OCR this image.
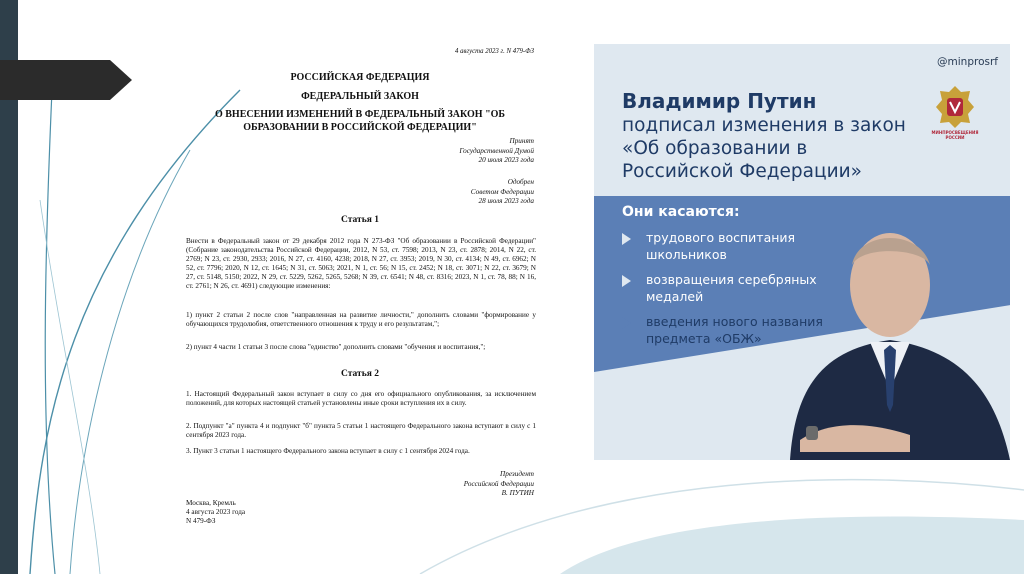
4 августа 2023 г. N 479-ФЗ
РОССИЙСКАЯ ФЕДЕРАЦИЯ
ФЕДЕРАЛЬНЫЙ ЗАКОН
О ВНЕСЕНИИ ИЗМЕНЕНИЙ В ФЕДЕРАЛЬНЫЙ ЗАКОН "ОБ ОБРАЗОВАНИИ В РОССИЙСКОЙ ФЕДЕРАЦИИ"
Принят
Государственной Думой
20 июля 2023 года
Одобрен
Советом Федерации
28 июля 2023 года
Статья 1
Внести в Федеральный закон от 29 декабря 2012 года N 273-ФЗ "Об образовании в Российской Федерации" (Собрание законодательства Российской Федерации, 2012, N 53, ст. 7598; 2013, N 23, ст. 2878; 2014, N 22, ст. 2769; N 23, ст. 2930, 2933; 2016, N 27, ст. 4160, 4238; 2018, N 27, ст. 3953; 2019, N 30, ст. 4134; N 49, ст. 6962; N 52, ст. 7796; 2020, N 12, ст. 1645; N 31, ст. 5063; 2021, N 1, ст. 56; N 15, ст. 2452; N 18, ст. 3071; N 22, ст. 3679; N 27, ст. 5148, 5150; 2022, N 29, ст. 5229, 5262, 5265, 5268; N 39, ст. 6541; N 48, ст. 8316; 2023, N 1, ст. 78, 88; N 16, ст. 2761; N 26, ст. 4691) следующие изменения:
1) пункт 2 статьи 2 после слов "направленная на развитие личности," дополнить словами "формирование у обучающихся трудолюбия, ответственного отношения к труду и его результатам,";
2) пункт 4 части 1 статьи 3 после слова "единство" дополнить словами "обучения и воспитания,";
Статья 2
1. Настоящий Федеральный закон вступает в силу со дня его официального опубликования, за исключением положений, для которых настоящей статьей установлены иные сроки вступления их в силу.
2. Подпункт "а" пункта 4 и подпункт "б" пункта 5 статьи 1 настоящего Федерального закона вступают в силу с 1 сентября 2023 года.
3. Пункт 3 статьи 1 настоящего Федерального закона вступает в силу с 1 сентября 2024 года.
Президент
Российской Федерации
В. ПУТИН
Москва, Кремль
4 августа 2023 года
N 479-ФЗ
@minprosrf
МИНПРОСВЕЩЕНИЯ РОССИИ
Владимир Путин
подписал изменения в закон «Об образовании в Российской Федерации»
Они касаются:
трудового воспитания школьников
возвращения серебряных медалей
введения нового названия предмета «ОБЖ»
